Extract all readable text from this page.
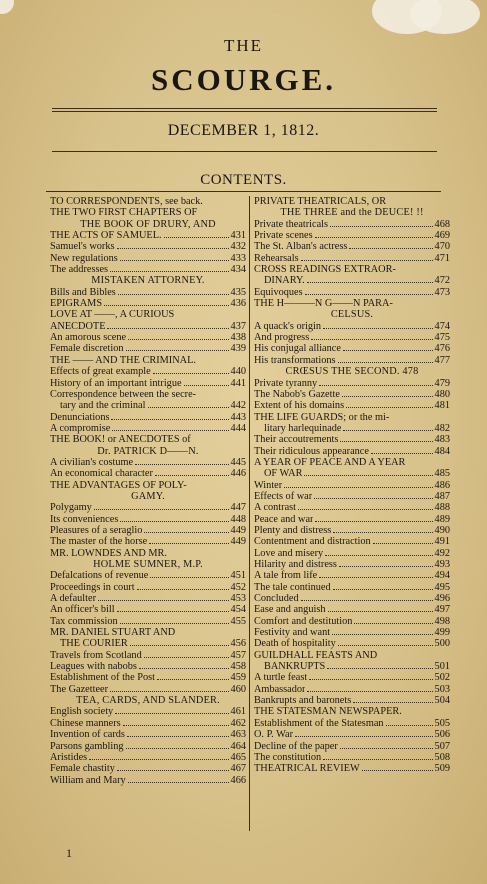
THE
SCOURGE.
DECEMBER 1, 1812.
CONTENTS.
TO CORRESPONDENTS, see back.
THE TWO FIRST CHAPTERS OF
THE BOOK OF DRURY, AND
THE ACTS OF SAMUEL.	431
Samuel's works	432
New regulations	433
The addresses	434
MISTAKEN ATTORNEY.
Bills and Bibles	435
EPIGRAMS	436
LOVE AT ——, A CURIOUS
ANECDOTE	437
An amorous scene	438
Female discretion	439
THE —— AND THE CRIMINAL.
Effects of great example	440
History of an important intrigue	441
Correspondence between the secre-
tary and the criminal	442
Denunciations	443
A compromise	444
THE BOOK! or ANECDOTES of
Dr. PATRICK D——N.
A civilian's costume	445
An economical character	446
THE ADVANTAGES OF POLY-
GAMY.
Polygamy	447
Its conveniences	448
Pleasures of a seraglio	449
The master of the horse	449
MR. LOWNDES AND MR.
HOLME SUMNER, M.P.
Defalcations of revenue	451
Proceedings in court	452
A defaulter	453
An officer's bill	454
Tax commission	455
MR. DANIEL STUART AND
THE COURIER	456
Travels from Scotland	457
Leagues with nabobs	458
Establishment of the Post	459
The Gazetteer	460
TEA, CARDS, AND SLANDER.
English society	461
Chinese manners	462
Invention of cards	463
Parsons gambling	464
Aristides	465
Female chastity	467
William and Mary	466
PRIVATE THEATRICALS, OR
THE THREE and the DEUCE! !!
Private theatricals	468
Private scenes	469
The St. Alban's actress	470
Rehearsals	471
CROSS READINGS EXTRAOR-
DINARY.	472
Equivoques	473
THE H———N G——N PARA-
CELSUS.
A quack's origin	474
And progress	475
His conjugal alliance	476
His transformations	477
CRŒSUS THE SECOND. 478
Private tyranny	479
The Nabob's Gazette	480
Extent of his domains	481
THE LIFE GUARDS; or the mi-
litary harlequinade	482
Their accoutrements	483
Their ridiculous appearance	484
A YEAR OF PEACE AND A YEAR
OF WAR	485
Winter	486
Effects of war	487
A contrast	488
Peace and war	489
Plenty and distress	490
Contentment and distraction	491
Love and misery	492
Hilarity and distress	493
A tale from life	494
The tale continued	495
Concluded	496
Ease and anguish	497
Comfort and destitution	498
Festivity and want	499
Death of hospitality	500
GUILDHALL FEASTS AND
BANKRUPTS	501
A turtle feast	502
Ambassador	503
Bankrupts and baronets	504
THE STATESMAN NEWSPAPER.
Establishment of the Statesman	505
O. P. War	506
Decline of the paper	507
The constitution	508
THEATRICAL REVIEW	509
1
